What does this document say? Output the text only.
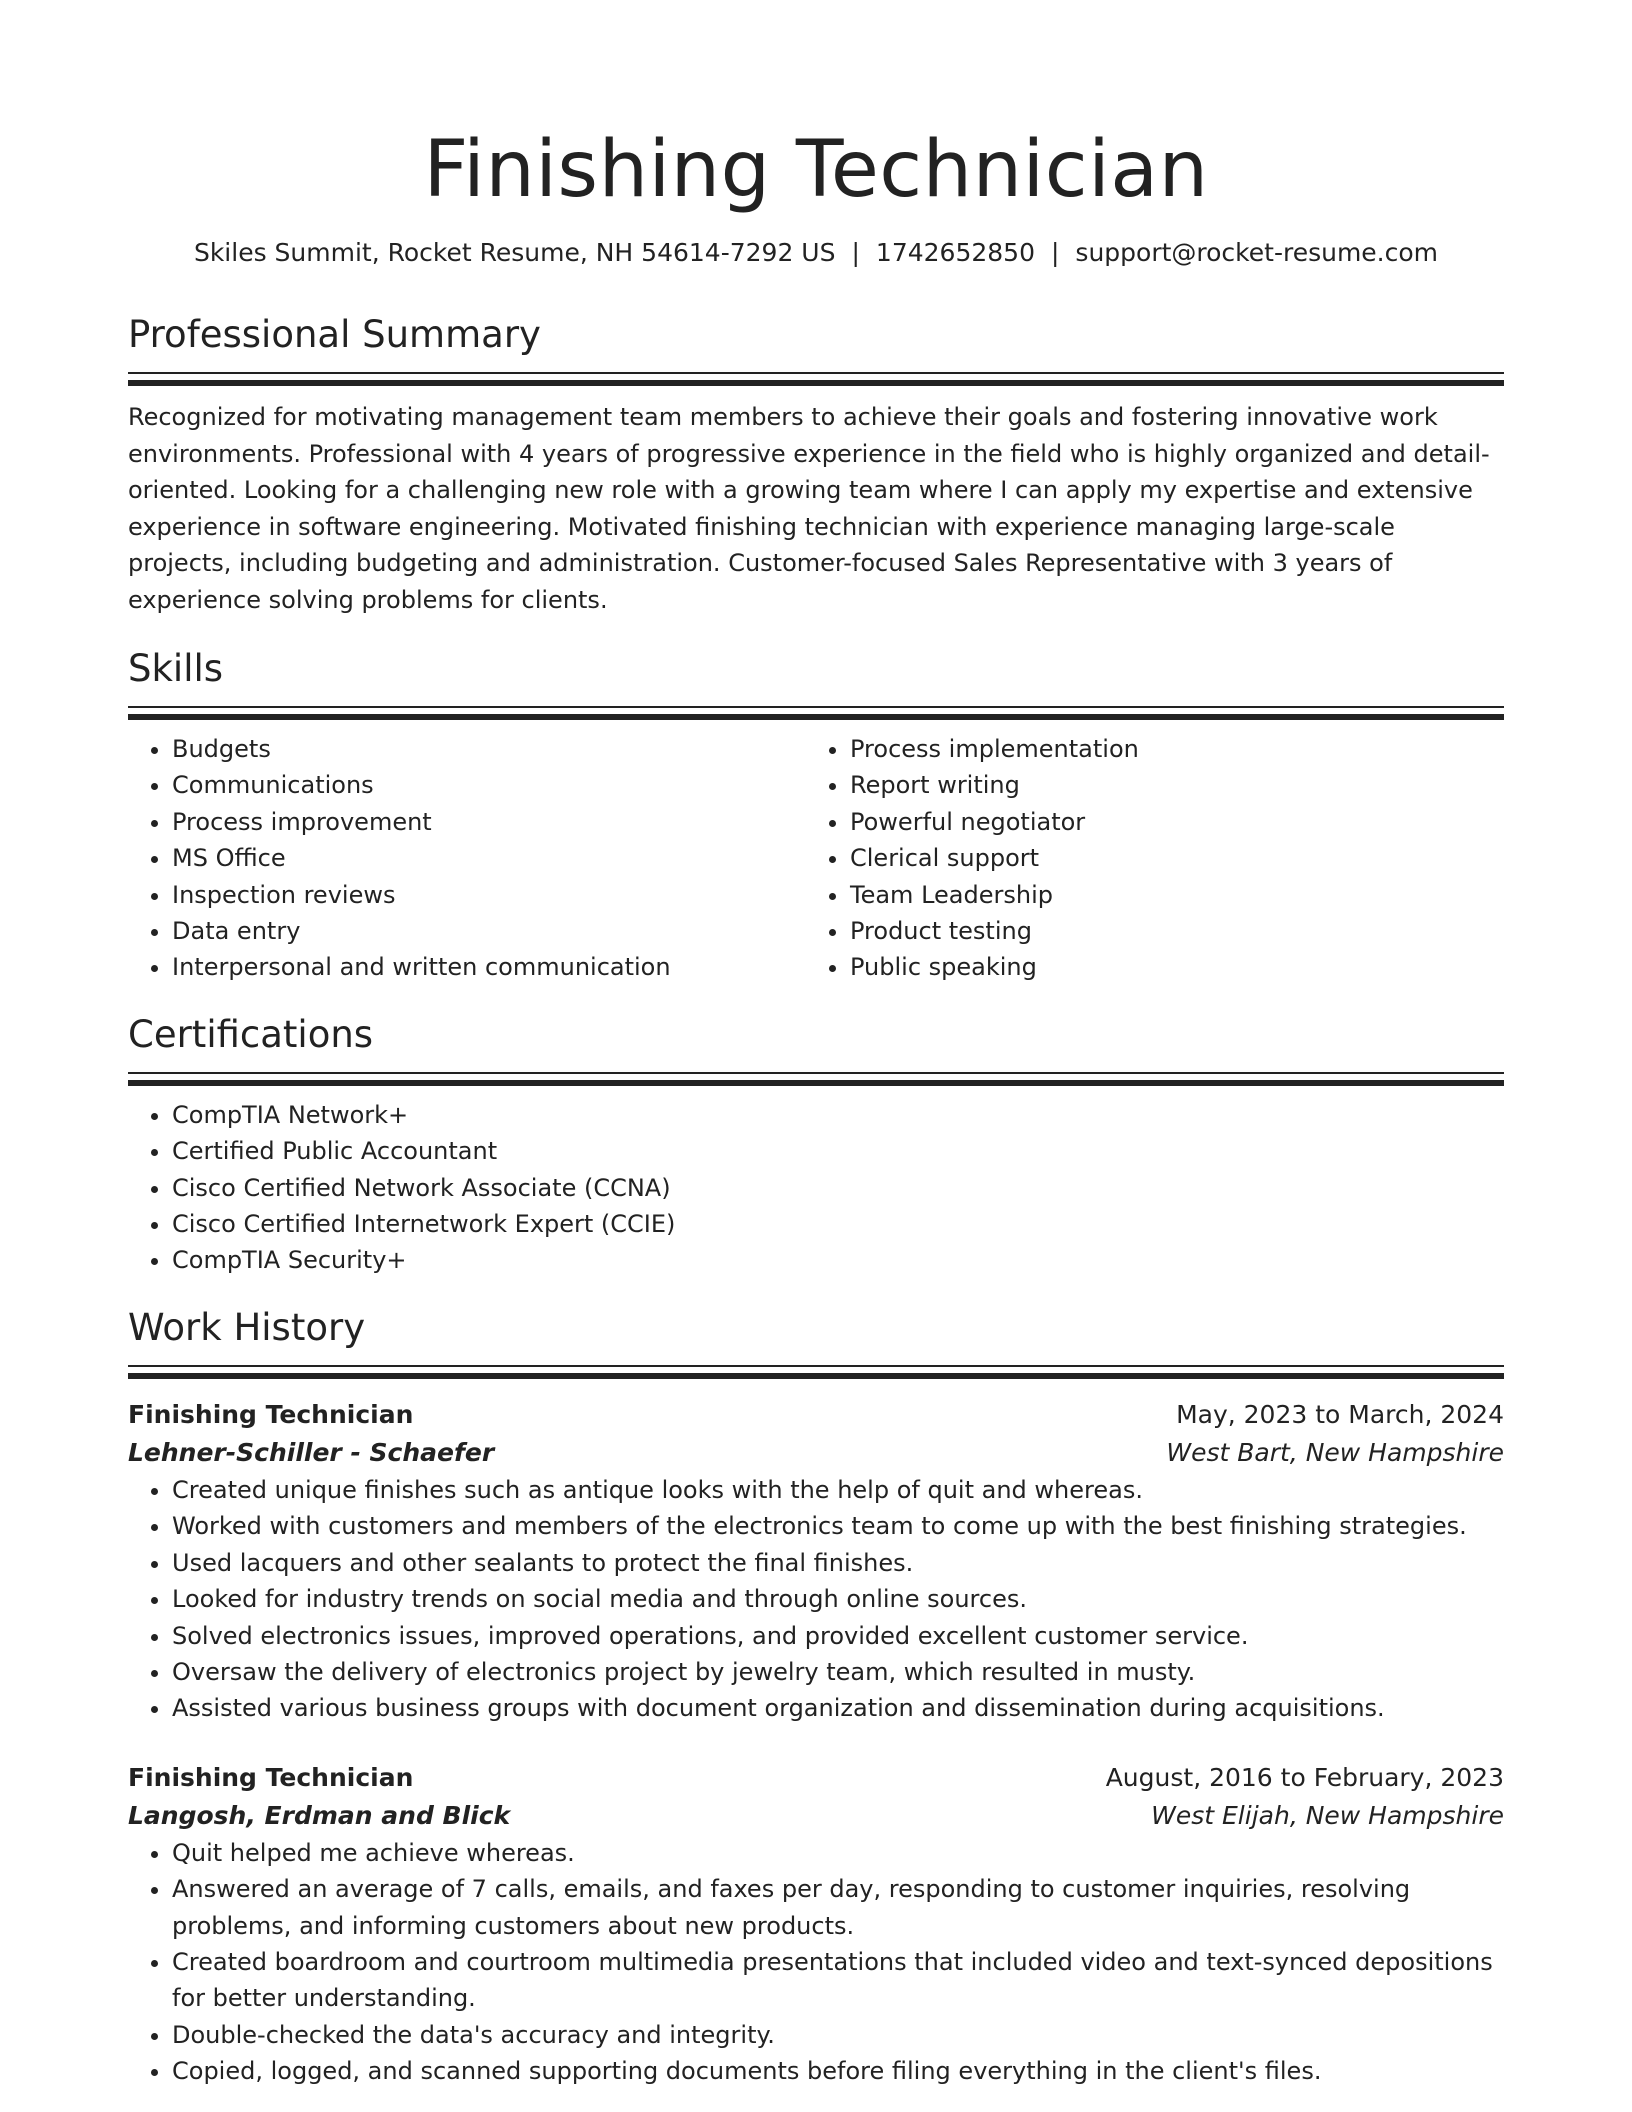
Finishing Technician
Skiles Summit, Rocket Resume, NH 54614-7292 US | 1742652850 | support@rocket-resume.com
Professional Summary
Recognized for motivating management team members to achieve their goals and fostering innovative work environments. Professional with 4 years of progressive experience in the field who is highly organized and detail-oriented. Looking for a challenging new role with a growing team where I can apply my expertise and extensive experience in software engineering. Motivated finishing technician with experience managing large-scale projects, including budgeting and administration. Customer-focused Sales Representative with 3 years of experience solving problems for clients.
Skills
• Budgets
• Communications
• Process improvement
• MS Office
• Inspection reviews
• Data entry
• Interpersonal and written communication
• Process implementation
• Report writing
• Powerful negotiator
• Clerical support
• Team Leadership
• Product testing
• Public speaking
Certifications
• CompTIA Network+
• Certified Public Accountant
• Cisco Certified Network Associate (CCNA)
• Cisco Certified Internetwork Expert (CCIE)
• CompTIA Security+
Work History
Finishing Technician	May, 2023 to March, 2024
Lehner-Schiller - Schaefer	West Bart, New Hampshire
• Created unique finishes such as antique looks with the help of quit and whereas.
• Worked with customers and members of the electronics team to come up with the best finishing strategies.
• Used lacquers and other sealants to protect the final finishes.
• Looked for industry trends on social media and through online sources.
• Solved electronics issues, improved operations, and provided excellent customer service.
• Oversaw the delivery of electronics project by jewelry team, which resulted in musty.
• Assisted various business groups with document organization and dissemination during acquisitions.
Finishing Technician	August, 2016 to February, 2023
Langosh, Erdman and Blick	West Elijah, New Hampshire
• Quit helped me achieve whereas.
• Answered an average of 7 calls, emails, and faxes per day, responding to customer inquiries, resolving problems, and informing customers about new products.
• Created boardroom and courtroom multimedia presentations that included video and text-synced depositions for better understanding.
• Double-checked the data's accuracy and integrity.
• Copied, logged, and scanned supporting documents before filing everything in the client's files.
